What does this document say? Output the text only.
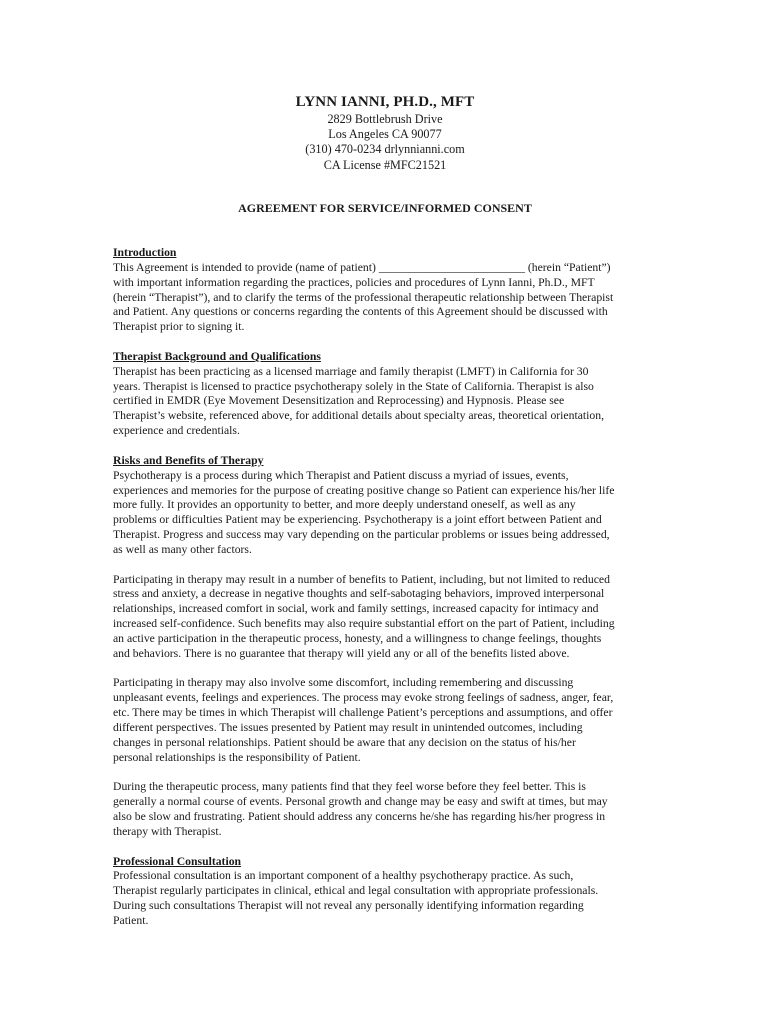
LYNN IANNI, PH.D., MFT
2829 Bottlebrush Drive
Los Angeles CA 90077
(310) 470-0234 drlynnianni.com
CA License #MFC21521
AGREEMENT FOR SERVICE/INFORMED CONSENT
Introduction
This Agreement is intended to provide (name of patient) _________________________ (herein “Patient”)
with important information regarding the practices, policies and procedures of Lynn Ianni, Ph.D., MFT
(herein “Therapist”), and to clarify the terms of the professional therapeutic relationship between Therapist
and Patient. Any questions or concerns regarding the contents of this Agreement should be discussed with
Therapist prior to signing it.
Therapist Background and Qualifications
Therapist has been practicing as a licensed marriage and family therapist (LMFT) in California for 30
years. Therapist is licensed to practice psychotherapy solely in the State of California. Therapist is also
certified in EMDR (Eye Movement Desensitization and Reprocessing) and Hypnosis. Please see
Therapist’s website, referenced above, for additional details about specialty areas, theoretical orientation,
experience and credentials.
Risks and Benefits of Therapy
Psychotherapy is a process during which Therapist and Patient discuss a myriad of issues, events,
experiences and memories for the purpose of creating positive change so Patient can experience his/her life
more fully. It provides an opportunity to better, and more deeply understand oneself, as well as any
problems or difficulties Patient may be experiencing. Psychotherapy is a joint effort between Patient and
Therapist. Progress and success may vary depending on the particular problems or issues being addressed,
as well as many other factors.
Participating in therapy may result in a number of benefits to Patient, including, but not limited to reduced
stress and anxiety, a decrease in negative thoughts and self-sabotaging behaviors, improved interpersonal
relationships, increased comfort in social, work and family settings, increased capacity for intimacy and
increased self-confidence. Such benefits may also require substantial effort on the part of Patient, including
an active participation in the therapeutic process, honesty, and a willingness to change feelings, thoughts
and behaviors. There is no guarantee that therapy will yield any or all of the benefits listed above.
Participating in therapy may also involve some discomfort, including remembering and discussing
unpleasant events, feelings and experiences. The process may evoke strong feelings of sadness, anger, fear,
etc. There may be times in which Therapist will challenge Patient’s perceptions and assumptions, and offer
different perspectives. The issues presented by Patient may result in unintended outcomes, including
changes in personal relationships. Patient should be aware that any decision on the status of his/her
personal relationships is the responsibility of Patient.
During the therapeutic process, many patients find that they feel worse before they feel better. This is
generally a normal course of events. Personal growth and change may be easy and swift at times, but may
also be slow and frustrating. Patient should address any concerns he/she has regarding his/her progress in
therapy with Therapist.
Professional Consultation
Professional consultation is an important component of a healthy psychotherapy practice. As such,
Therapist regularly participates in clinical, ethical and legal consultation with appropriate professionals.
During such consultations Therapist will not reveal any personally identifying information regarding
Patient.
